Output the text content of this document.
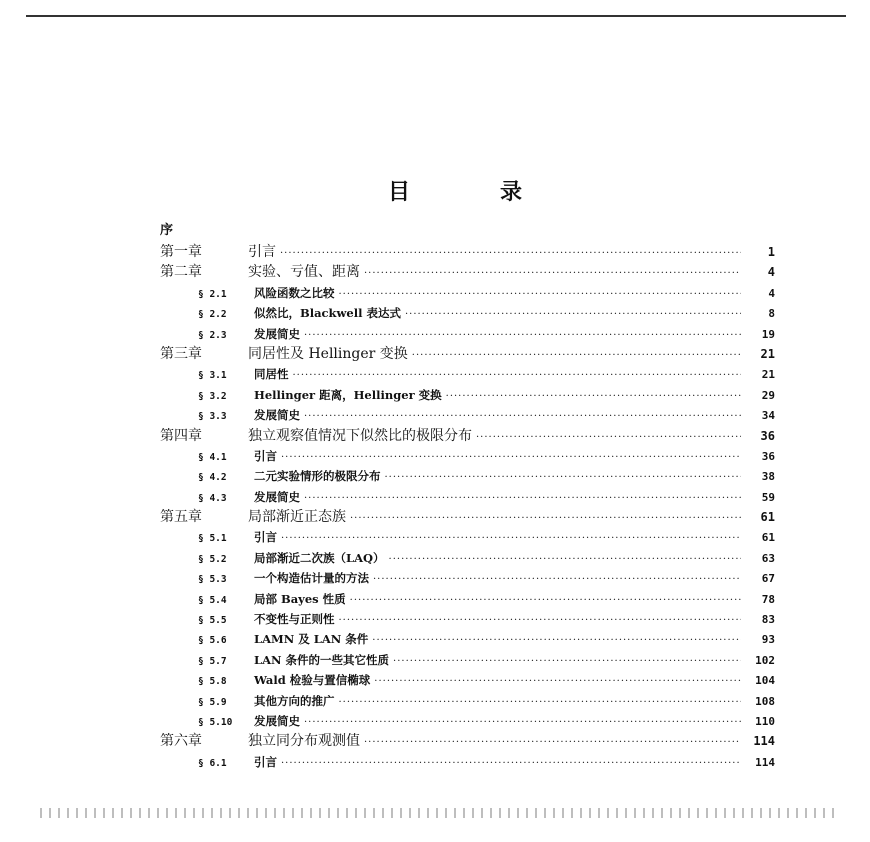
目	录
序
第一章	引言 ·····	1
第二章	实验、亏值、距离 ·····	4
§ 2.1	风险函数之比较 ·····	4
§ 2.2	似然比，Blackwell 表达式 ·····	8
§ 2.3	发展简史 ·····	19
第三章	同居性及 Hellinger 变换 ·····	21
§ 3.1	同居性 ·····	21
§ 3.2	Hellinger 距离，Hellinger 变换 ·····	29
§ 3.3	发展简史 ·····	34
第四章	独立观察值情况下似然比的极限分布 ·····	36
§ 4.1	引言 ·····	36
§ 4.2	二元实验情形的极限分布 ·····	38
§ 4.3	发展简史 ·····	59
第五章	局部渐近正态族 ·····	61
§ 5.1	引言 ·····	61
§ 5.2	局部渐近二次族（LAQ） ·····	63
§ 5.3	一个构造估计量的方法 ·····	67
§ 5.4	局部 Bayes 性质 ·····	78
§ 5.5	不变性与正则性 ·····	83
§ 5.6	LAMN 及 LAN 条件 ·····	93
§ 5.7	LAN 条件的一些其它性质 ·····	102
§ 5.8	Wald 检验与置信椭球 ·····	104
§ 5.9	其他方向的推广 ·····	108
§ 5.10	发展简史 ·····	110
第六章	独立同分布观测值 ·····	114
§ 6.1	引言 ·····	114
